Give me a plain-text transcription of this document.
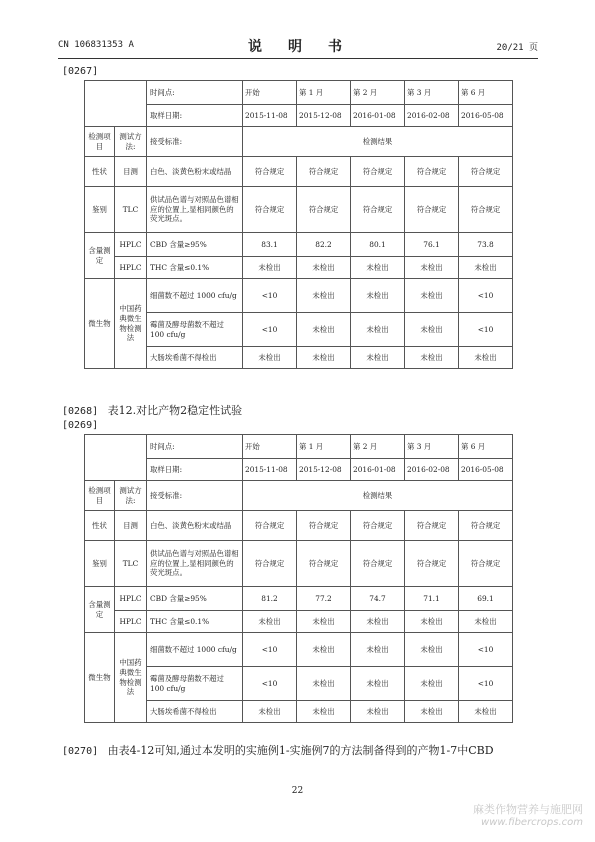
CN 106831353 A	说　明　书	20/21 页
[0267]
		时间点:	开始	第 1 月	第 2 月	第 3 月	第 6 月
		取样日期:	2015-11-08	2015-12-08	2016-01-08	2016-02-08	2016-05-08
检测项目	测试方法:	接受标准:	检测结果				
性状	目测	白色、淡黄色粉末或结晶	符合规定	符合规定	符合规定	符合规定	符合规定
鉴别	TLC	供试品色谱与对照品色谱相应的位置上,显相同颜色的荧光斑点。	符合规定	符合规定	符合规定	符合规定	符合规定
含量测定	HPLC	CBD 含量≥95%	83.1	82.2	80.1	76.1	73.8
	HPLC	THC 含量≤0.1%	未检出	未检出	未检出	未检出	未检出
微生物	中国药典微生物检测法	细菌数不超过 1000 cfu/g	<10	未检出	未检出	未检出	<10
		霉菌及酵母菌数不超过 100 cfu/g	<10	未检出	未检出	未检出	<10
		大肠埃希菌不得检出	未检出	未检出	未检出	未检出	未检出
[0268] 表12.对比产物2稳定性试验
[0269]
		时间点:	开始	第 1 月	第 2 月	第 3 月	第 6 月
		取样日期:	2015-11-08	2015-12-08	2016-01-08	2016-02-08	2016-05-08
检测项目	测试方法:	接受标准:	检测结果				
性状	目测	白色、淡黄色粉末或结晶	符合规定	符合规定	符合规定	符合规定	符合规定
鉴别	TLC	供试品色谱与对照品色谱相应的位置上,显相同颜色的荧光斑点。	符合规定	符合规定	符合规定	符合规定	符合规定
含量测定	HPLC	CBD 含量≥95%	81.2	77.2	74.7	71.1	69.1
	HPLC	THC 含量≤0.1%	未检出	未检出	未检出	未检出	未检出
微生物	中国药典微生物检测法	细菌数不超过 1000 cfu/g	<10	未检出	未检出	未检出	<10
		霉菌及酵母菌数不超过 100 cfu/g	<10	未检出	未检出	未检出	<10
		大肠埃希菌不得检出	未检出	未检出	未检出	未检出	未检出
[0270] 由表4-12可知,通过本发明的实施例1-实施例7的方法制备得到的产物1-7中CBD
22
麻类作物营养与施肥网
www.fibercrops.com
